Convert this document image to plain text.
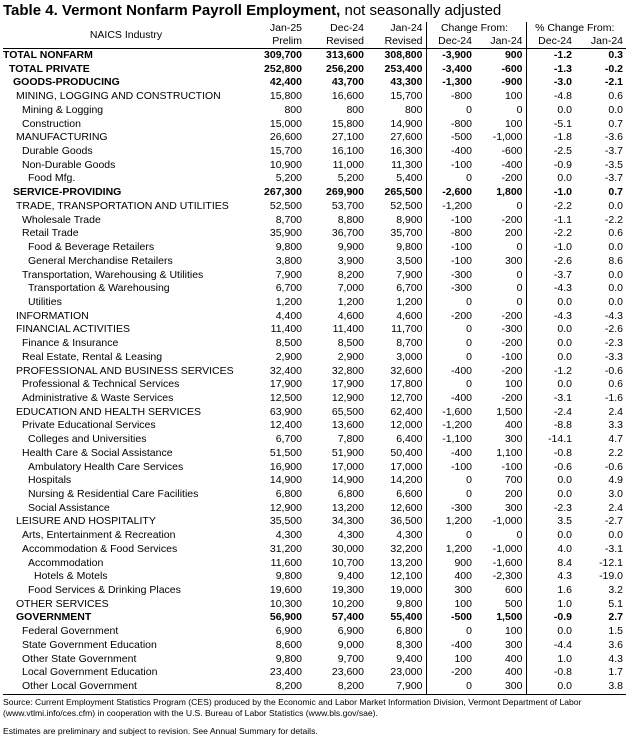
Table 4. Vermont Nonfarm Payroll Employment, not seasonally adjusted
NAICS Industry	Jan-25	Dec-24	Jan-24	Change From:		% Change From:	
	Prelim	Revised	Revised	Dec-24	Jan-24	Dec-24	Jan-24
TOTAL NONFARM	309,700	313,600	308,800	-3,900	900	-1.2	0.3
TOTAL PRIVATE	252,800	256,200	253,400	-3,400	-600	-1.3	-0.2
GOODS-PRODUCING	42,400	43,700	43,300	-1,300	-900	-3.0	-2.1
MINING, LOGGING AND CONSTRUCTION	15,800	16,600	15,700	-800	100	-4.8	0.6
Mining & Logging	800	800	800	0	0	0.0	0.0
Construction	15,000	15,800	14,900	-800	100	-5.1	0.7
MANUFACTURING	26,600	27,100	27,600	-500	-1,000	-1.8	-3.6
Durable Goods	15,700	16,100	16,300	-400	-600	-2.5	-3.7
Non-Durable Goods	10,900	11,000	11,300	-100	-400	-0.9	-3.5
Food Mfg.	5,200	5,200	5,400	0	-200	0.0	-3.7
SERVICE-PROVIDING	267,300	269,900	265,500	-2,600	1,800	-1.0	0.7
TRADE, TRANSPORTATION AND UTILITIES	52,500	53,700	52,500	-1,200	0	-2.2	0.0
Wholesale Trade	8,700	8,800	8,900	-100	-200	-1.1	-2.2
Retail Trade	35,900	36,700	35,700	-800	200	-2.2	0.6
Food & Beverage Retailers	9,800	9,900	9,800	-100	0	-1.0	0.0
General Merchandise Retailers	3,800	3,900	3,500	-100	300	-2.6	8.6
Transportation, Warehousing & Utilities	7,900	8,200	7,900	-300	0	-3.7	0.0
Transportation & Warehousing	6,700	7,000	6,700	-300	0	-4.3	0.0
Utilities	1,200	1,200	1,200	0	0	0.0	0.0
INFORMATION	4,400	4,600	4,600	-200	-200	-4.3	-4.3
FINANCIAL ACTIVITIES	11,400	11,400	11,700	0	-300	0.0	-2.6
Finance & Insurance	8,500	8,500	8,700	0	-200	0.0	-2.3
Real Estate, Rental & Leasing	2,900	2,900	3,000	0	-100	0.0	-3.3
PROFESSIONAL AND BUSINESS SERVICES	32,400	32,800	32,600	-400	-200	-1.2	-0.6
Professional & Technical Services	17,900	17,900	17,800	0	100	0.0	0.6
Administrative & Waste Services	12,500	12,900	12,700	-400	-200	-3.1	-1.6
EDUCATION AND HEALTH SERVICES	63,900	65,500	62,400	-1,600	1,500	-2.4	2.4
Private Educational Services	12,400	13,600	12,000	-1,200	400	-8.8	3.3
Colleges and Universities	6,700	7,800	6,400	-1,100	300	-14.1	4.7
Health Care & Social Assistance	51,500	51,900	50,400	-400	1,100	-0.8	2.2
Ambulatory Health Care Services	16,900	17,000	17,000	-100	-100	-0.6	-0.6
Hospitals	14,900	14,900	14,200	0	700	0.0	4.9
Nursing & Residential Care Facilities	6,800	6,800	6,600	0	200	0.0	3.0
Social Assistance	12,900	13,200	12,600	-300	300	-2.3	2.4
LEISURE AND HOSPITALITY	35,500	34,300	36,500	1,200	-1,000	3.5	-2.7
Arts, Entertainment & Recreation	4,300	4,300	4,300	0	0	0.0	0.0
Accommodation & Food Services	31,200	30,000	32,200	1,200	-1,000	4.0	-3.1
Accommodation	11,600	10,700	13,200	900	-1,600	8.4	-12.1
Hotels & Motels	9,800	9,400	12,100	400	-2,300	4.3	-19.0
Food Services & Drinking Places	19,600	19,300	19,000	300	600	1.6	3.2
OTHER SERVICES	10,300	10,200	9,800	100	500	1.0	5.1
GOVERNMENT	56,900	57,400	55,400	-500	1,500	-0.9	2.7
Federal Government	6,900	6,900	6,800	0	100	0.0	1.5
State Government Education	8,600	9,000	8,300	-400	300	-4.4	3.6
Other State Government	9,800	9,700	9,400	100	400	1.0	4.3
Local Government Education	23,400	23,600	23,000	-200	400	-0.8	1.7
Other Local Government	8,200	8,200	7,900	0	300	0.0	3.8
Source: Current Employment Statistics Program (CES) produced by the Economic and Labor Market Information Division, Vermont Department of Labor (www.vtlmi.info/ces.cfm) in cooperation with the U.S. Bureau of Labor Statistics (www.bls.gov/sae).
Estimates are preliminary and subject to revision. See Annual Summary for details.
